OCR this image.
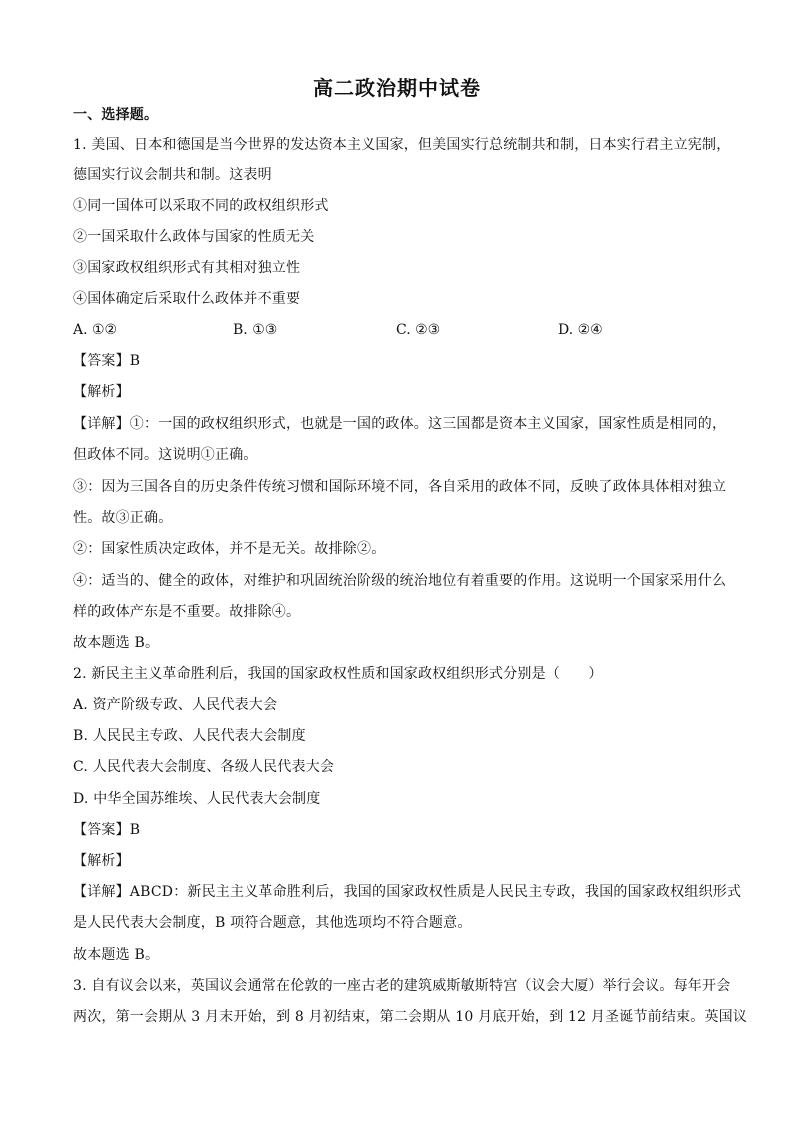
高二政治期中试卷
一、选择题。
1. 美国、日本和德国是当今世界的发达资本主义国家，但美国实行总统制共和制，日本实行君主立宪制，
德国实行议会制共和制。这表明
①同一国体可以采取不同的政权组织形式
②一国采取什么政体与国家的性质无关
③国家政权组织形式有其相对独立性
④国体确定后采取什么政体并不重要
A. ①②	B. ①③	C. ②③	D. ②④
【答案】B
【解析】
【详解】①：一国的政权组织形式，也就是一国的政体。这三国都是资本主义国家，国家性质是相同的，
但政体不同。这说明①正确。
③：因为三国各自的历史条件传统习惯和国际环境不同，各自采用的政体不同，反映了政体具体相对独立
性。故③正确。
②：国家性质决定政体，并不是无关。故排除②。
④：适当的、健全的政体，对维护和巩固统治阶级的统治地位有着重要的作用。这说明一个国家采用什么
样的政体产东是不重要。故排除④。
故本题选 B。
2. 新民主主义革命胜利后，我国的国家政权性质和国家政权组织形式分别是（　　）
A. 资产阶级专政、人民代表大会
B. 人民民主专政、人民代表大会制度
C. 人民代表大会制度、各级人民代表大会
D. 中华全国苏维埃、人民代表大会制度
【答案】B
【解析】
【详解】ABCD：新民主主义革命胜利后，我国的国家政权性质是人民民主专政，我国的国家政权组织形式
是人民代表大会制度，B 项符合题意，其他选项均不符合题意。
故本题选 B。
3. 自有议会以来，英国议会通常在伦敦的一座古老的建筑威斯敏斯特宫（议会大厦）举行会议。每年开会
两次，第一会期从 3 月末开始，到 8 月初结束，第二会期从 10 月底开始，到 12 月圣诞节前结束。英国议
